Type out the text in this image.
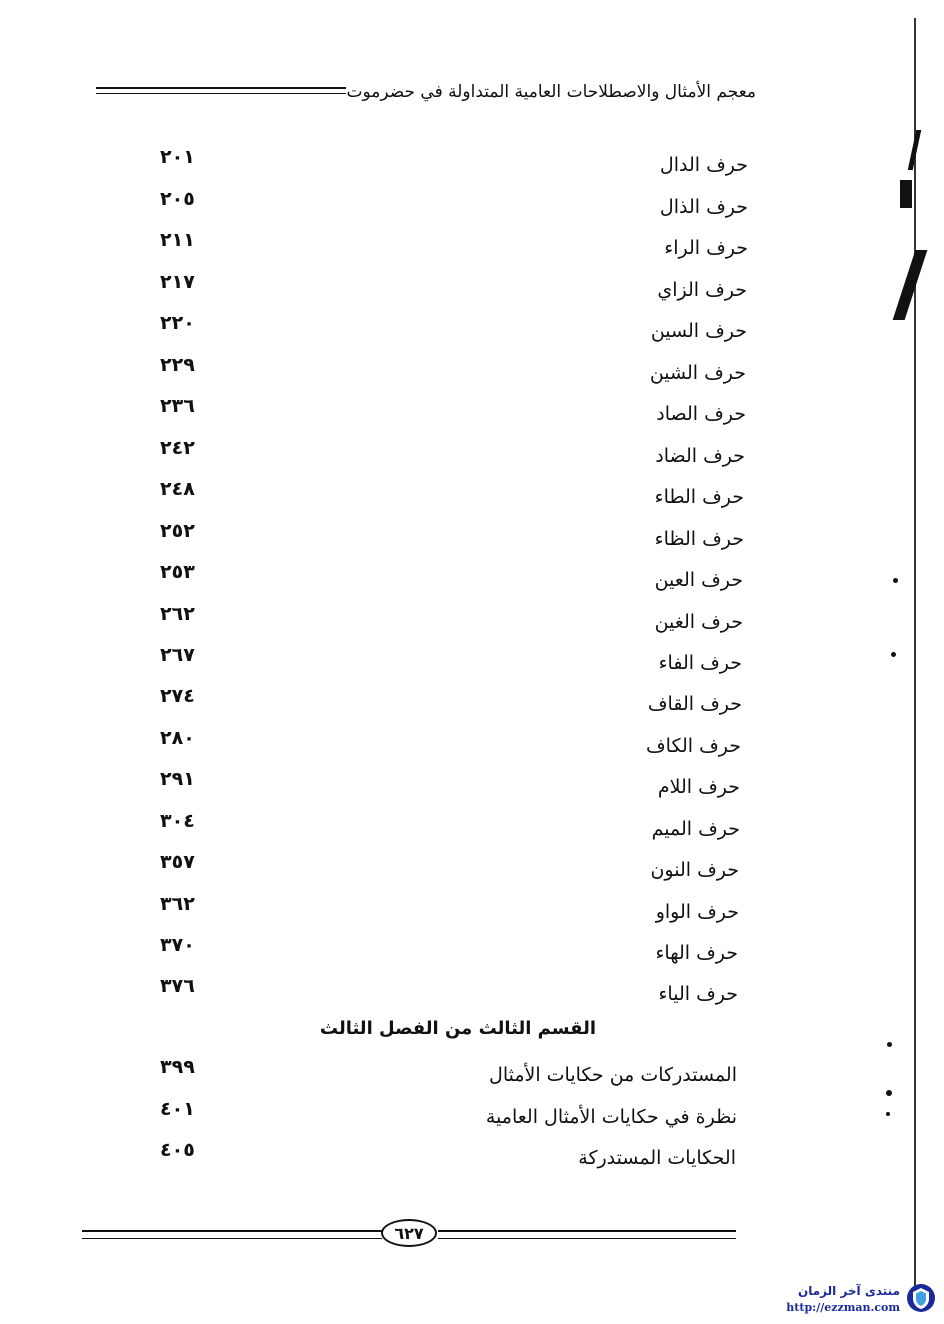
معجم الأمثال والاصطلاحات العامية المتداولة في حضرموت
حرف الدال
٢٠١
حرف الذال
٢٠٥
حرف الراء
٢١١
حرف الزاي
٢١٧
حرف السين
٢٢٠
حرف الشين
٢٢٩
حرف الصاد
٢٣٦
حرف الضاد
٢٤٢
حرف الطاء
٢٤٨
حرف الظاء
٢٥٢
حرف العين
٢٥٣
حرف الغين
٢٦٢
حرف الفاء
٢٦٧
حرف القاف
٢٧٤
حرف الكاف
٢٨٠
حرف اللام
٢٩١
حرف الميم
٣٠٤
حرف النون
٣٥٧
حرف الواو
٣٦٢
حرف الهاء
٣٧٠
حرف الياء
٣٧٦
القسم الثالث من الفصل الثالث
المستدركات من حكايات الأمثال
٣٩٩
نظرة في حكايات الأمثال العامية
٤٠١
الحكايات المستدركة
٤٠٥
٦٢٧
منتدى آخر الزمان
http://ezzman.com
